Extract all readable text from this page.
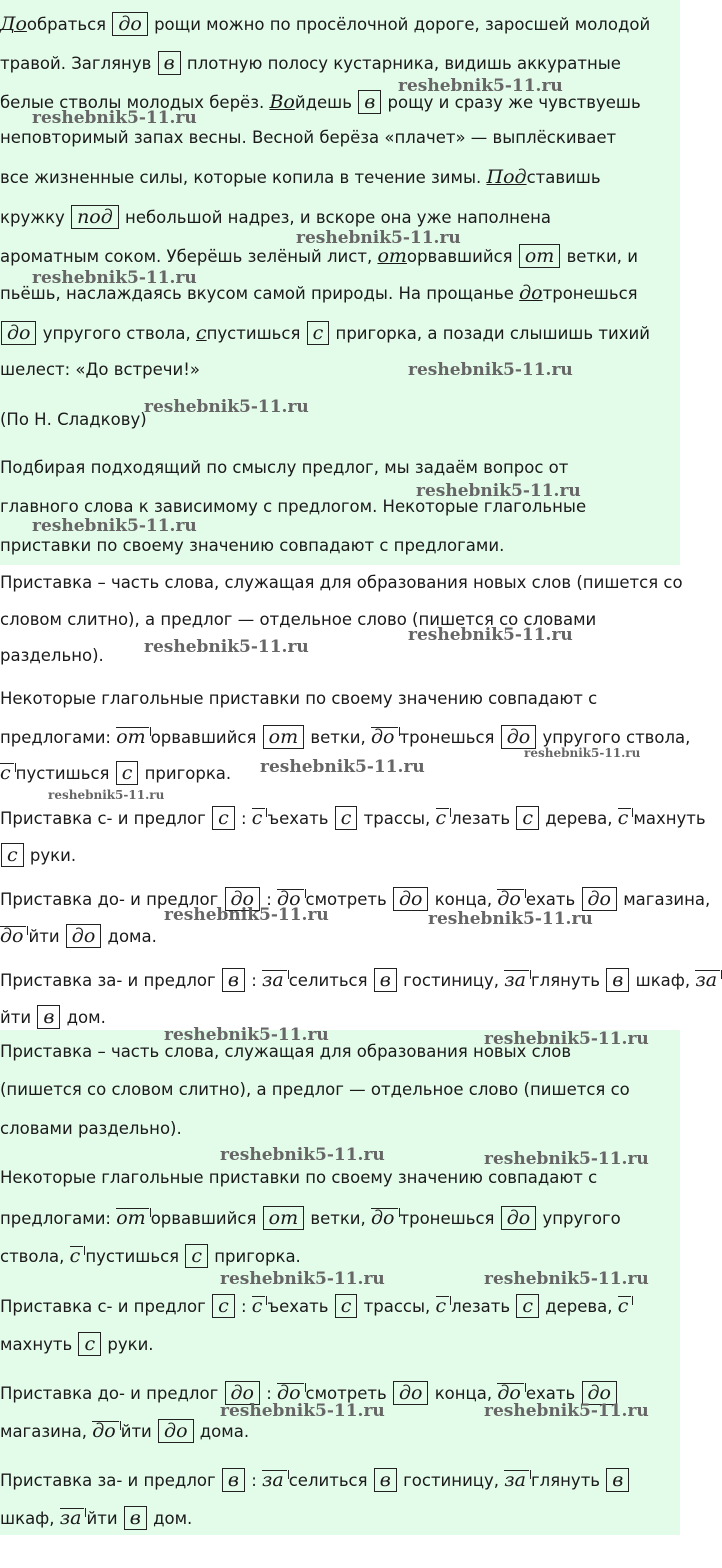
Дообраться до рощи можно по просёлочной дороге, заросшей молодой
травой. Заглянув в плотную полосу кустарника, видишь аккуратные
белые стволы молодых берёз. Войдешь в рощу и сразу же чувствуешь
неповторимый запах весны. Весной берёза «плачет» — выплёскивает
все жизненные силы, которые копила в течение зимы. Подставишь
кружку под небольшой надрез, и вскоре она уже наполнена
ароматным соком. Уберёшь зелёный лист, оторвавшийся от ветки, и
пьёшь, наслаждаясь вкусом самой природы. На прощанье дотронешься
до упругого ствола, спустишься с пригорка, а позади слышишь тихий
шелест: «До встречи!»
(По Н. Сладкову)
Подбирая подходящий по смыслу предлог, мы задаём вопрос от
главного слова к зависимому с предлогом. Некоторые глагольные
приставки по своему значению совпадают с предлогами.
Приставка – часть слова, служащая для образования новых слов (пишется со
словом слитно), а предлог — отдельное слово (пишется со словами
раздельно).
Некоторые глагольные приставки по своему значению совпадают с
предлогами: от орвавшийся от ветки, до тронешься до упругого ствола,
с пустишься с пригорка.
Приставка с- и предлог с : с ъехать с трассы, с лезать с дерева, с махнуть
с руки.
Приставка до- и предлог до : до смотреть до конца, до ехать до магазина,
до йти до дома.
Приставка за- и предлог в : за селиться в гостиницу, за глянуть в шкаф, за
йти в дом.
Приставка – часть слова, служащая для образования новых слов
(пишется со словом слитно), а предлог — отдельное слово (пишется со
словами раздельно).
Некоторые глагольные приставки по своему значению совпадают с
предлогами: от орвавшийся от ветки, до тронешься до упругого
ствола, с пустишься с пригорка.
Приставка с- и предлог с : с ъехать с трассы, с лезать с дерева, с
махнуть с руки.
Приставка до- и предлог до : до смотреть до конца, до ехать до
магазина, до йти до дома.
Приставка за- и предлог в : за селиться в гостиницу, за глянуть в
шкаф, за йти в дом.
reshebnik5-11.ru
reshebnik5-11.ru
reshebnik5-11.ru
reshebnik5-11.ru
reshebnik5-11.ru
reshebnik5-11.ru
reshebnik5-11.ru
reshebnik5-11.ru
reshebnik5-11.ru
reshebnik5-11.ru
reshebnik5-11.ru
reshebnik5-11.ru
reshebnik5-11.ru
reshebnik5-11.ru	reshebnik5-11.ru
reshebnik5-11.ru	reshebnik5-11.ru
reshebnik5-11.ru	reshebnik5-11.ru
reshebnik5-11.ru	reshebnik5-11.ru
reshebnik5-11.ru	reshebnik5-11.ru
